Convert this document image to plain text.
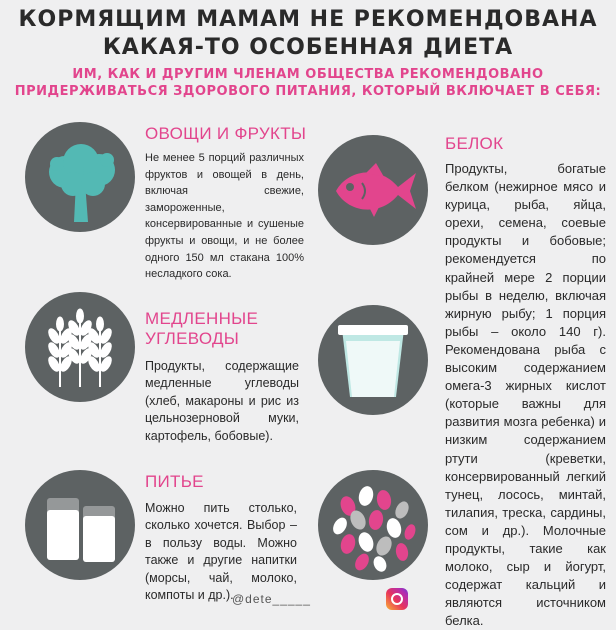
КОРМЯЩИМ МАМАМ НЕ РЕКОМЕНДОВАНА КАКАЯ-ТО ОСОБЕННАЯ ДИЕТА
ИМ, КАК И ДРУГИМ ЧЛЕНАМ ОБЩЕСТВА РЕКОМЕНДОВАНО ПРИДЕРЖИВАТЬСЯ ЗДОРОВОГО ПИТАНИЯ, КОТОРЫЙ ВКЛЮЧАЕТ В СЕБЯ:
ОВОЩИ И ФРУКТЫ
Не менее 5 порций различных фруктов и овощей в день, включая свежие, замороженные, консервированные и сушеные фрукты и овощи, и не более одного 150 мл стакана 100% несладкого сока.
МЕДЛЕННЫЕ УГЛЕВОДЫ
Продукты, содержащие медленные углеводы (хлеб, макароны и рис из цельнозерновой муки, картофель, бобовые).
ПИТЬЕ
Можно пить столько, сколько хочется. Выбор – в пользу воды. Можно также и другие напитки (морсы, чай, молоко, компоты и др.).
БЕЛОК
Продукты, богатые белком (нежирное мясо и курица, рыба, яйца, орехи, семена, соевые продукты и бобовые; рекомендуется по крайней мере 2 порции рыбы в неделю, включая жирную рыбу; 1 порция рыбы – около 140 г). Рекомендована рыба с высоким содержанием омега-3 жирных кислот (которые важны для развития мозга ребенка) и низким содержанием ртути (креветки, консервированный легкий тунец, лосось, минтай, тилапия, треска, сардины, сом и др.). Молочные продукты, такие как молоко, сыр и йогурт, содержат кальций и являются источником белка.
@dete_____
